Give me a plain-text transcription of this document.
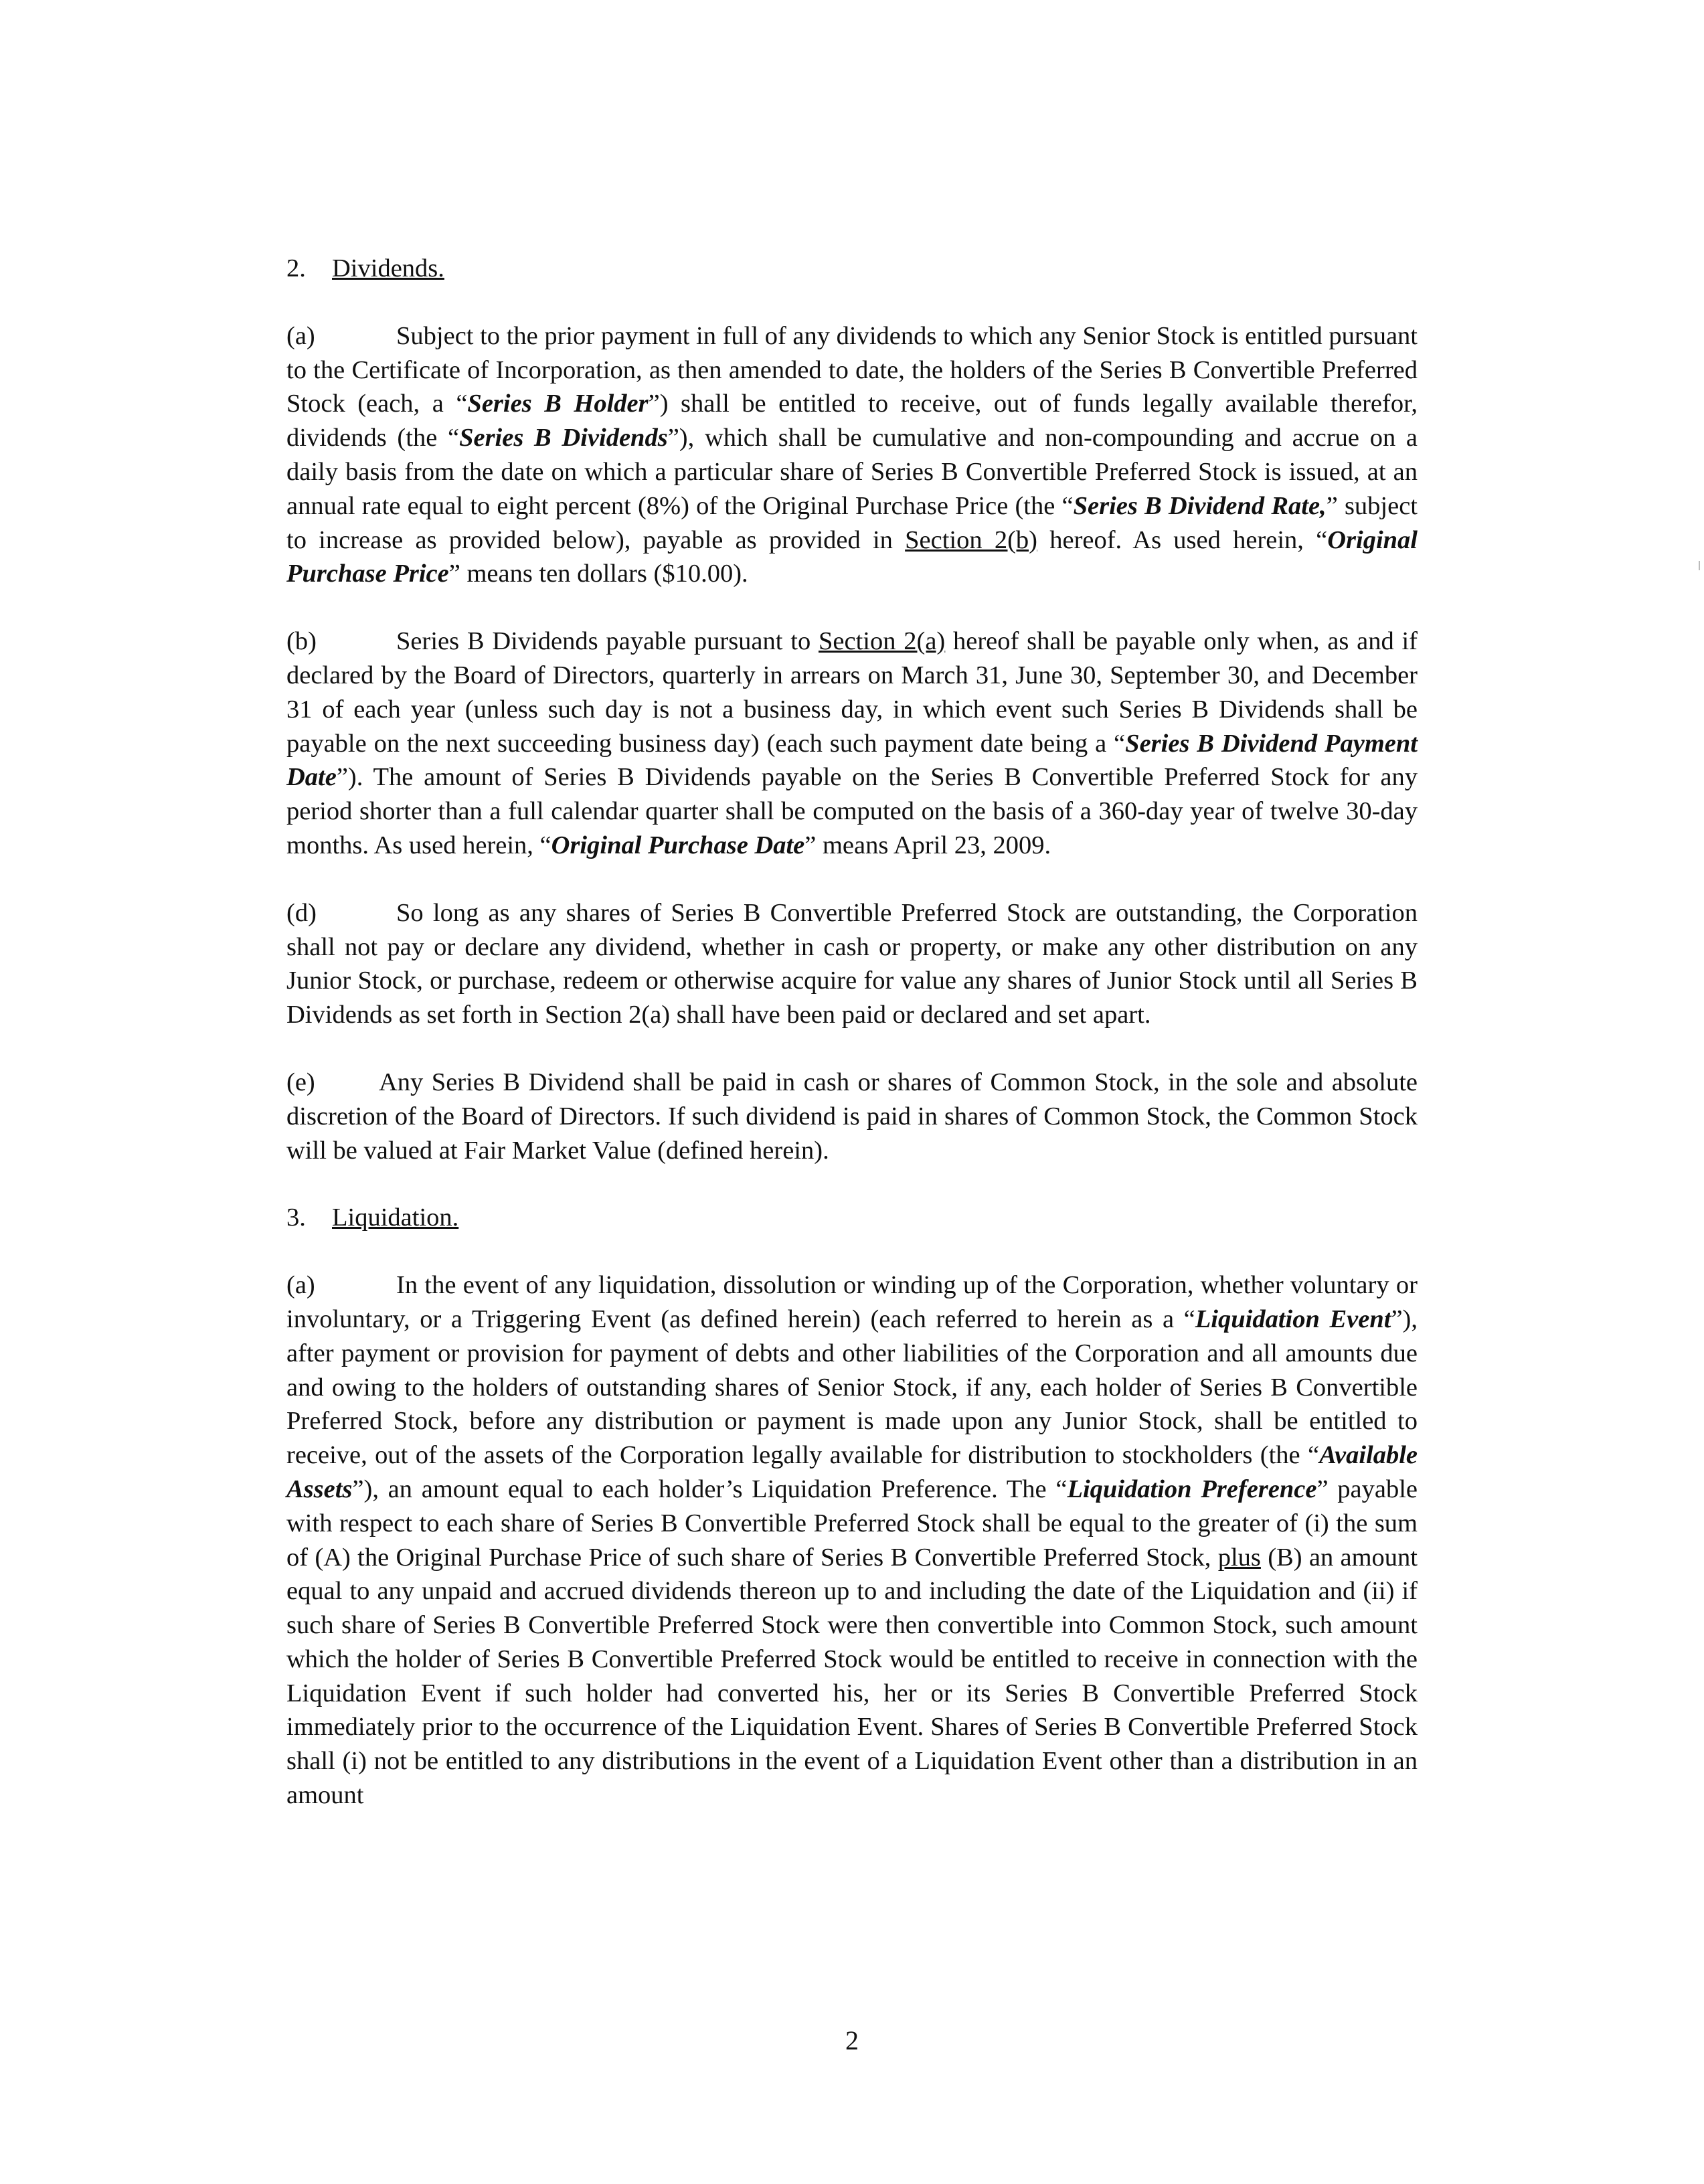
2. Dividends.

(a)	Subject to the prior payment in full of any dividends to which any Senior Stock is entitled pursuant to the Certificate of Incorporation, as then amended to date, the holders of the Series B Convertible Preferred Stock (each, a “Series B Holder”) shall be entitled to receive, out of funds legally available therefor, dividends (the “Series B Dividends”), which shall be cumulative and non-compounding and accrue on a daily basis from the date on which a particular share of Series B Convertible Preferred Stock is issued, at an annual rate equal to eight percent (8%) of the Original Purchase Price (the “Series B Dividend Rate,” subject to increase as provided below), payable as provided in Section 2(b) hereof. As used herein, “Original Purchase Price” means ten dollars ($10.00).

(b)	Series B Dividends payable pursuant to Section 2(a) hereof shall be payable only when, as and if declared by the Board of Directors, quarterly in arrears on March 31, June 30, September 30, and December 31 of each year (unless such day is not a business day, in which event such Series B Dividends shall be payable on the next succeeding business day) (each such payment date being a “Series B Dividend Payment Date”). The amount of Series B Dividends payable on the Series B Convertible Preferred Stock for any period shorter than a full calendar quarter shall be computed on the basis of a 360-day year of twelve 30-day months. As used herein, “Original Purchase Date” means April 23, 2009.

(d)	So long as any shares of Series B Convertible Preferred Stock are outstanding, the Corporation shall not pay or declare any dividend, whether in cash or property, or make any other distribution on any Junior Stock, or purchase, redeem or otherwise acquire for value any shares of Junior Stock until all Series B Dividends as set forth in Section 2(a) shall have been paid or declared and set apart.

(e) Any Series B Dividend shall be paid in cash or shares of Common Stock, in the sole and absolute discretion of the Board of Directors. If such dividend is paid in shares of Common Stock, the Common Stock will be valued at Fair Market Value (defined herein).

3. Liquidation.

(a)	In the event of any liquidation, dissolution or winding up of the Corporation, whether voluntary or involuntary, or a Triggering Event (as defined herein) (each referred to herein as a “Liquidation Event”), after payment or provision for payment of debts and other liabilities of the Corporation and all amounts due and owing to the holders of outstanding shares of Senior Stock, if any, each holder of Series B Convertible Preferred Stock, before any distribution or payment is made upon any Junior Stock, shall be entitled to receive, out of the assets of the Corporation legally available for distribution to stockholders (the “Available Assets”), an amount equal to each holder’s Liquidation Preference. The “Liquidation Preference” payable with respect to each share of Series B Convertible Preferred Stock shall be equal to the greater of (i) the sum of (A) the Original Purchase Price of such share of Series B Convertible Preferred Stock, plus (B) an amount equal to any unpaid and accrued dividends thereon up to and including the date of the Liquidation and (ii) if such share of Series B Convertible Preferred Stock were then convertible into Common Stock, such amount which the holder of Series B Convertible Preferred Stock would be entitled to receive in connection with the Liquidation Event if such holder had converted his, her or its Series B Convertible Preferred Stock immediately prior to the occurrence of the Liquidation Event. Shares of Series B Convertible Preferred Stock shall (i) not be entitled to any distributions in the event of a Liquidation Event other than a distribution in an amount

2
